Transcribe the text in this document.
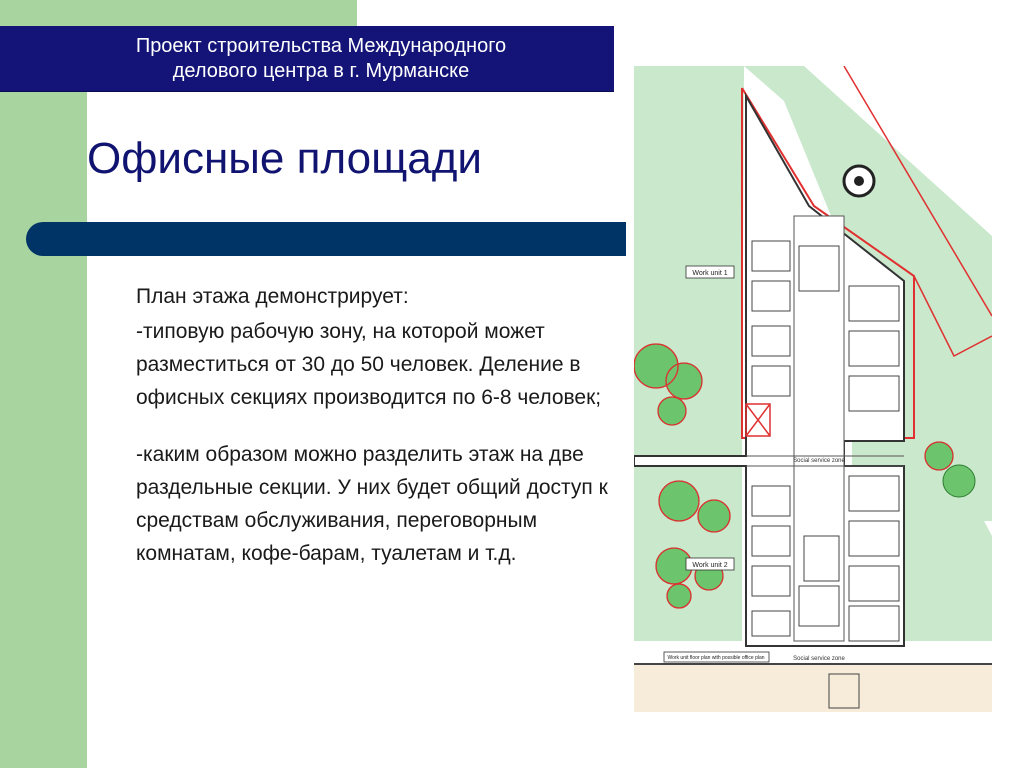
Проект строительства Международного
делового центра в г. Мурманске
Офисные площади

План этажа демонстрирует:

-типовую рабочую зону, на которой может разместиться от 30 до 50 человек. Деление в офисных секциях производится по 6-8 человек;

-каким образом можно разделить этаж на две раздельные секции. У них будет общий доступ к средствам обслуживания, переговорным комнатам, кофе-барам, туалетам и т.д.

Work unit 1
Work unit 2
Social service zone
Social service zone
Work unit floor plan with possible office plan
